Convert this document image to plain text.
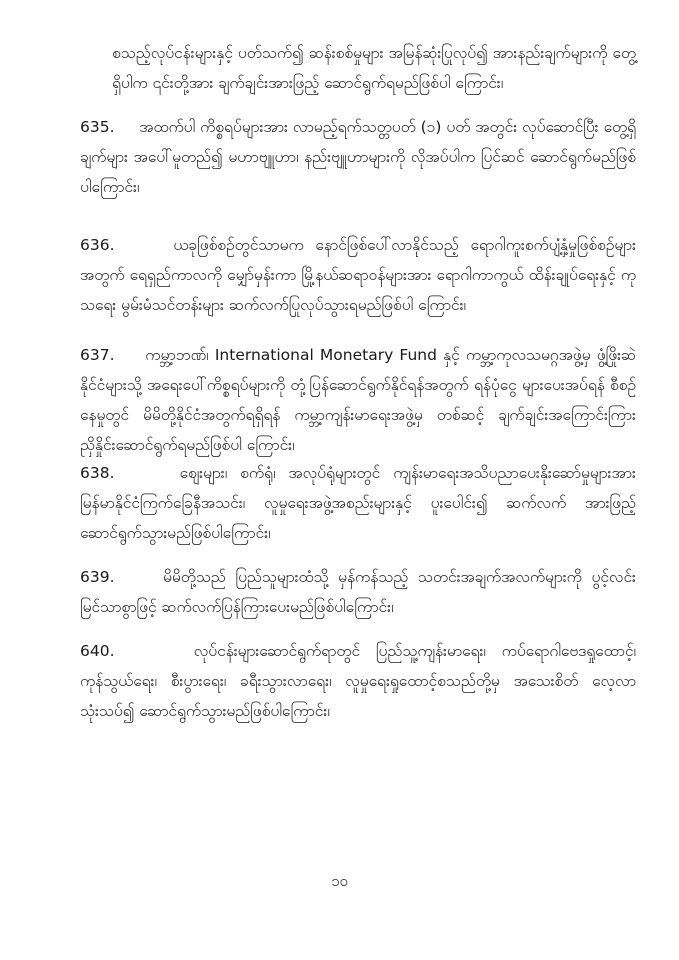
စသည့်လုပ်ငန်းများနှင့် ပတ်သက်၍ ဆန်းစစ်မှုများ အမြန်ဆုံးပြုလုပ်၍ အားနည်းချက်များကို တွေ့ရှိပါက ၎င်းတို့အား ချက်ချင်းအားဖြည့် ဆောင်ရွက်ရမည်ဖြစ်ပါ ကြောင်း၊

635. အထက်ပါ ကိစ္စရပ်များအား လာမည့်ရက်သတ္တပတ် (၁) ပတ် အတွင်း လုပ်ဆောင်ပြီး တွေ့ရှိချက်များ အပေါ်မူတည်၍ မဟာဗျူဟာ၊ နည်းဗျူဟာများကို လိုအပ်ပါက ပြင်ဆင် ဆောင်ရွက်မည်ဖြစ်ပါကြောင်း၊

636.	ယခုဖြစ်စဉ်တွင်သာမက နောင်ဖြစ်ပေါ်လာနိုင်သည့် ရောဂါကူးစက်ပျံ့နှံ့မှုဖြစ်စဉ်များ အတွက် ရေရှည်ကာလကို မျှော်မှန်းကာ မြို့နယ်ဆရာဝန်များအား ရောဂါကာကွယ် ထိန်းချုပ်ရေးနှင့် ကုသရေး မွမ်းမံသင်တန်းများ ဆက်လက်ပြုလုပ်သွားရမည်ဖြစ်ပါ ကြောင်း၊

637. ကမ္ဘာ့ဘဏ်၊ International Monetary Fund နှင့် ကမ္ဘာ့ကုလသမဂ္ဂအဖွဲ့မှ ဖွံ့ဖြိုးဆဲနိုင်ငံများသို့ အရေးပေါ်ကိစ္စရပ်များကို တုံ့ပြန်ဆောင်ရွက်နိုင်ရန်အတွက် ရန်ပုံငွေ များပေးအပ်ရန် စီစဉ်နေမှုတွင် မိမိတို့နိုင်ငံအတွက်ရရှိရန် ကမ္ဘာ့ကျန်းမာရေးအဖွဲ့မှ တစ်ဆင့် ချက်ချင်းအကြောင်းကြား ညှိနှိုင်းဆောင်ရွက်ရမည်ဖြစ်ပါ ကြောင်း၊

638.	စျေးများ၊ စက်ရုံ၊ အလုပ်ရုံများတွင် ကျန်းမာရေးအသိပညာပေးနိုးဆော်မှုများအား မြန်မာနိုင်ငံကြက်ခြေနီအသင်း၊ လူမှုရေးအဖွဲ့အစည်းများနှင့် ပူးပေါင်း၍ ဆက်လက် အားဖြည့် ဆောင်ရွက်သွားမည်ဖြစ်ပါကြောင်း၊

639.	မိမိတို့သည် ပြည်သူများထံသို့ မှန်ကန်သည့် သတင်းအချက်အလက်များကို ပွင့်လင်း မြင်သာစွာဖြင့် ဆက်လက်ပြန်ကြားပေးမည်ဖြစ်ပါကြောင်း၊

640.	လုပ်ငန်းများဆောင်ရွက်ရာတွင် ပြည်သူ့ကျန်းမာရေး၊ ကပ်ရောဂါဗေဒရှုထောင့်၊ ကုန်သွယ်ရေး၊ စီးပွားရေး၊ ခရီးသွားလာရေး၊ လူမှုရေးရှုထောင့်စသည်တို့မှ အသေးစိတ် လေ့လာသုံးသပ်၍ ဆောင်ရွက်သွားမည်ဖြစ်ပါကြောင်း၊

၁၀
